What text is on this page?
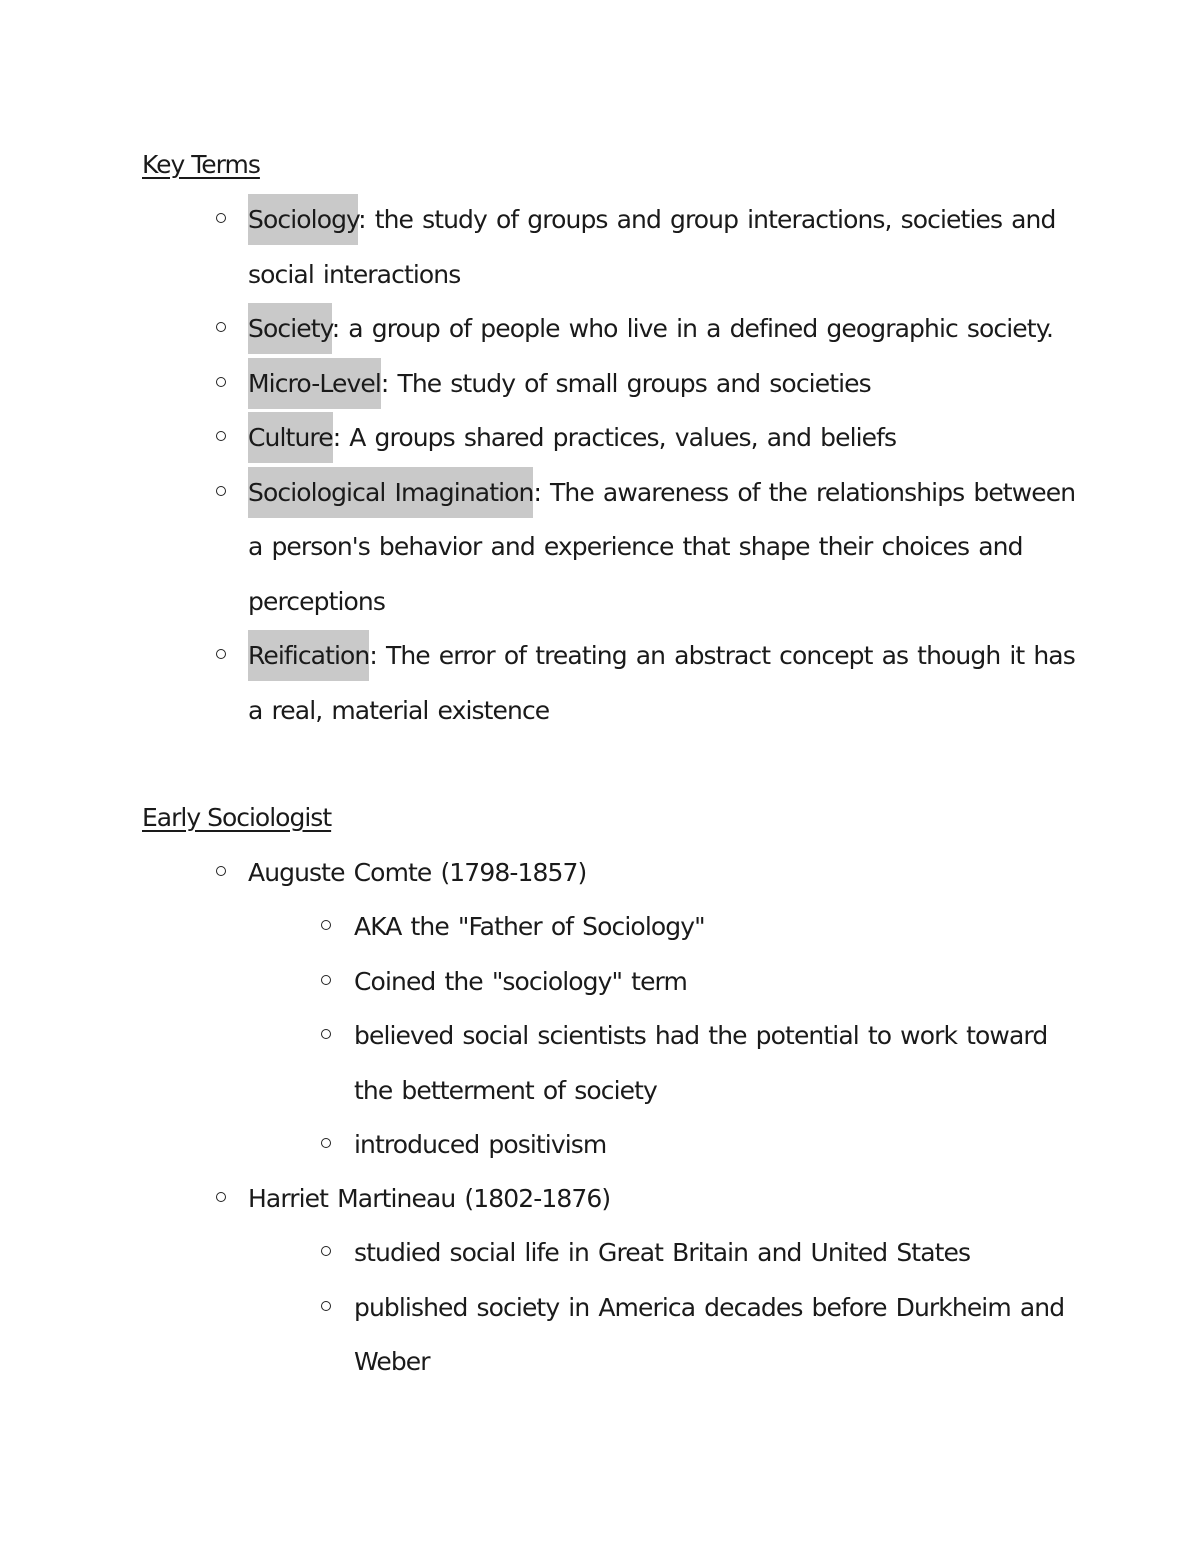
Key Terms
Sociology: the study of groups and group interactions, societies and social interactions
Society: a group of people who live in a defined geographic society.
Micro-Level: The study of small groups and societies
Culture: A groups shared practices, values, and beliefs
Sociological Imagination: The awareness of the relationships between a person's behavior and experience that shape their choices and perceptions
Reification: The error of treating an abstract concept as though it has a real, material existence
Early Sociologist
Auguste Comte (1798-1857)
AKA the "Father of Sociology"
Coined the "sociology" term
believed social scientists had the potential to work toward the betterment of society
introduced positivism
Harriet Martineau (1802-1876)
studied social life in Great Britain and United States
published society in America decades before Durkheim and Weber
